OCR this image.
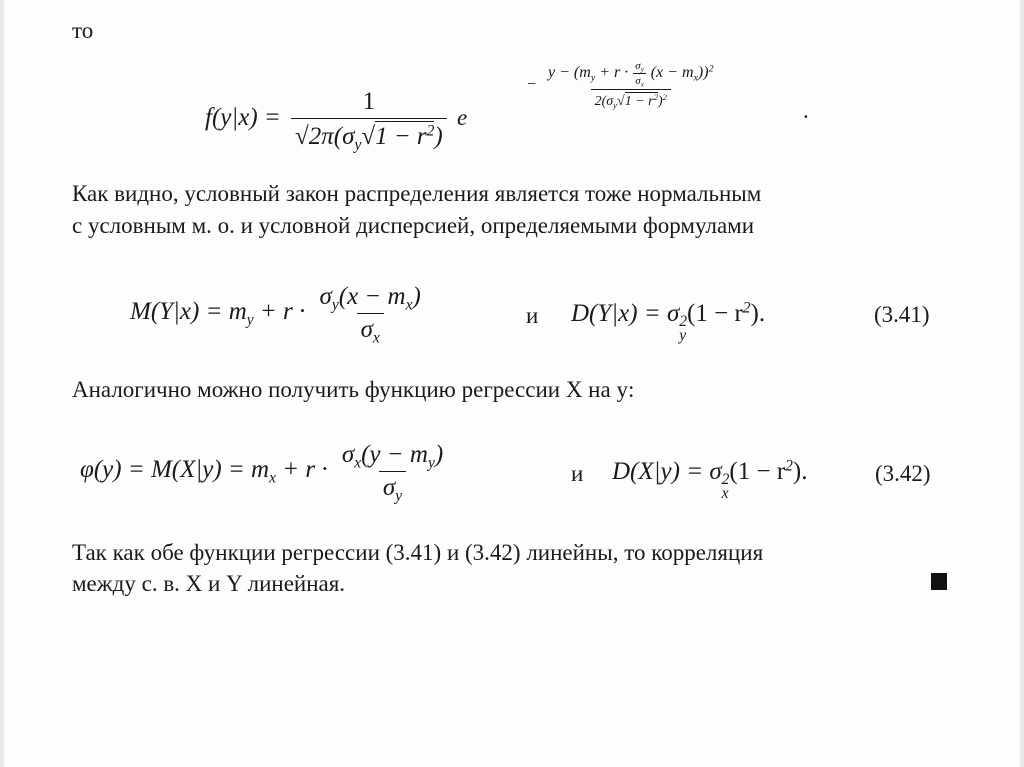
то
$f(y|x) = \frac{1}{√2\pi(\sigma_y √ 1 - r^2 )}$ e
−
$y - (m_y + r \cdot \frac{\sigma_y}{\sigma_x} (x - m_x))^2$
$2(\sigma_y$ √ $1 - r^2$ )$^2$
.
Как видно, условный закон распределения является тоже нормальным
с условным м. о. и условной дисперсией, определяемыми формулами
$M(Y|x) = m_y + r \cdot \frac{\sigma_y(x - m_x)}{\sigma_x}$	и D(Y|x) = σ 2
y
$(1 - r^2)$.	(3.41)
Аналогично можно получить функцию регрессии X на y:
$\varphi(y) = M(X|y) = m_x + r \cdot \frac{\sigma_x(y - m_y)}{\sigma_y}$	и D(X|y) = σ 2
x
$(1 - r^2)$.	(3.42)
Так как обе функции регрессии (3.41) и (3.42) линейны, то корреляция
между с. в. X и Y линейная.
